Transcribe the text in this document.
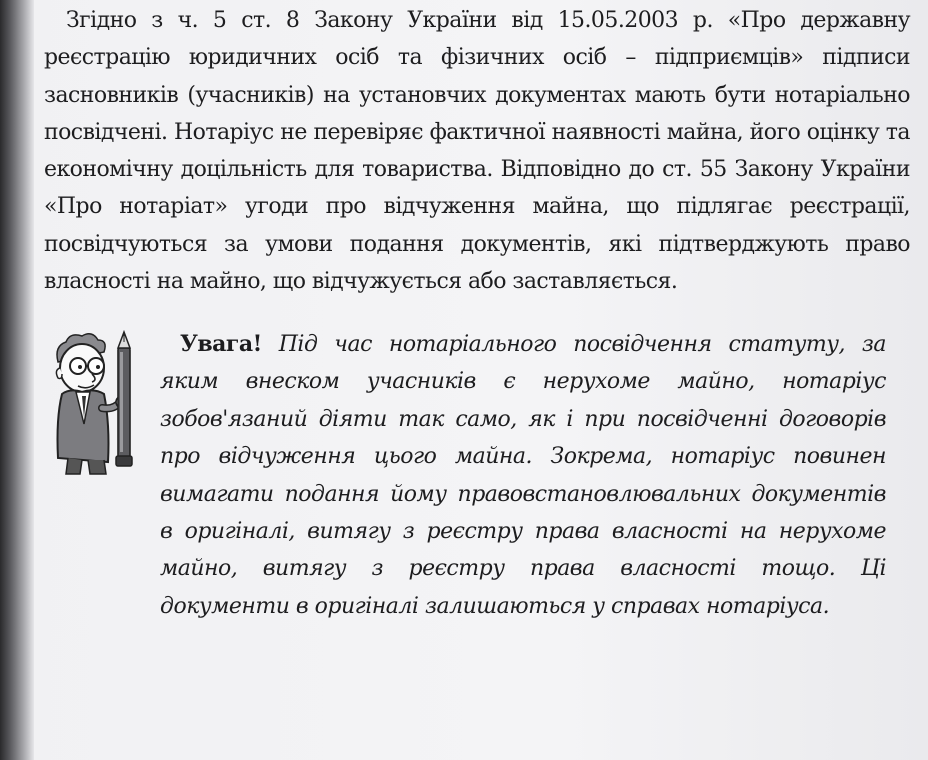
Згідно з ч. 5 ст. 8 Закону України від 15.05.2003 р. «Про державну реєстрацію юридичних осіб та фізичних осіб – підприємців» підписи засновників (учасників) на установчих документах мають бути нотаріально посвідчені. Нотаріус не перевіряє фактичної наявності майна, його оцінку та економічну доцільність для товариства. Відповідно до ст. 55 Закону України «Про нотаріат» угоди про відчуження майна, що підлягає реєстрації, посвідчуються за умови подання документів, які підтверджують право власності на майно, що відчужується або заставляється.

Увага! Під час нотаріального посвідчення статуту, за яким внеском учасників є нерухоме майно, нотаріус зобов'язаний діяти так само, як і при посвідченні договорів про відчуження цього майна. Зокрема, нотаріус повинен вимагати подання йому правовстановлювальних документів в оригіналі, витягу з реєстру права власності на нерухоме майно, витягу з реєстру права власності тощо. Ці документи в оригіналі залишаються у справах нотаріуса.
